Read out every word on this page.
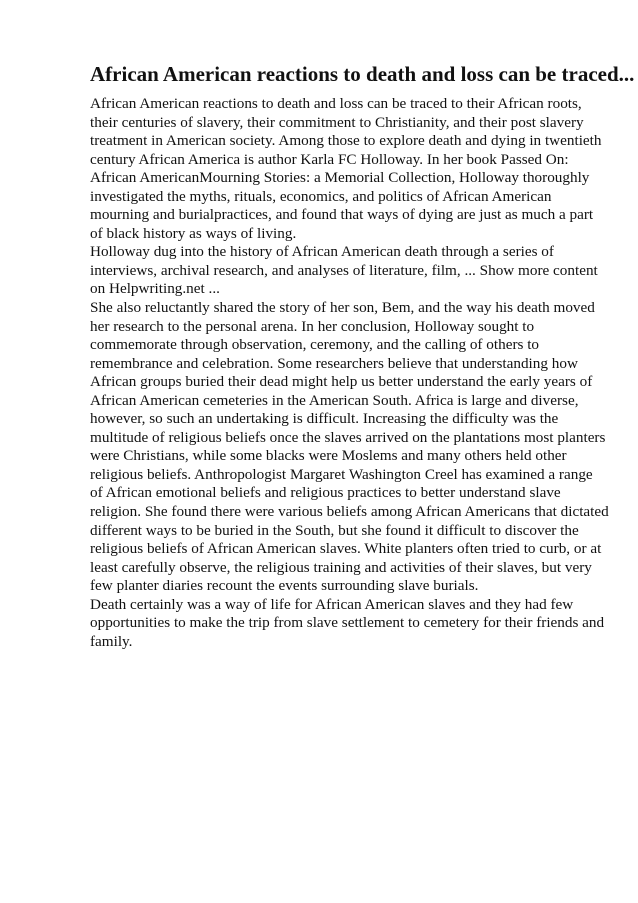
African American reactions to death and loss can be traced...
African American reactions to death and loss can be traced to their African roots,
their centuries of slavery, their commitment to Christianity, and their post slavery
treatment in American society. Among those to explore death and dying in twentieth
century African America is author Karla FC Holloway. In her book Passed On:
African AmericanMourning Stories: a Memorial Collection, Holloway thoroughly
investigated the myths, rituals, economics, and politics of African American
mourning and burialpractices, and found that ways of dying are just as much a part
of black history as ways of living.
Holloway dug into the history of African American death through a series of
interviews, archival research, and analyses of literature, film, ... Show more content
on Helpwriting.net ...
She also reluctantly shared the story of her son, Bem, and the way his death moved
her research to the personal arena. In her conclusion, Holloway sought to
commemorate through observation, ceremony, and the calling of others to
remembrance and celebration. Some researchers believe that understanding how
African groups buried their dead might help us better understand the early years of
African American cemeteries in the American South. Africa is large and diverse,
however, so such an undertaking is difficult. Increasing the difficulty was the
multitude of religious beliefs once the slaves arrived on the plantations most planters
were Christians, while some blacks were Moslems and many others held other
religious beliefs. Anthropologist Margaret Washington Creel has examined a range
of African emotional beliefs and religious practices to better understand slave
religion. She found there were various beliefs among African Americans that dictated
different ways to be buried in the South, but she found it difficult to discover the
religious beliefs of African American slaves. White planters often tried to curb, or at
least carefully observe, the religious training and activities of their slaves, but very
few planter diaries recount the events surrounding slave burials.
Death certainly was a way of life for African American slaves and they had few
opportunities to make the trip from slave settlement to cemetery for their friends and
family.
